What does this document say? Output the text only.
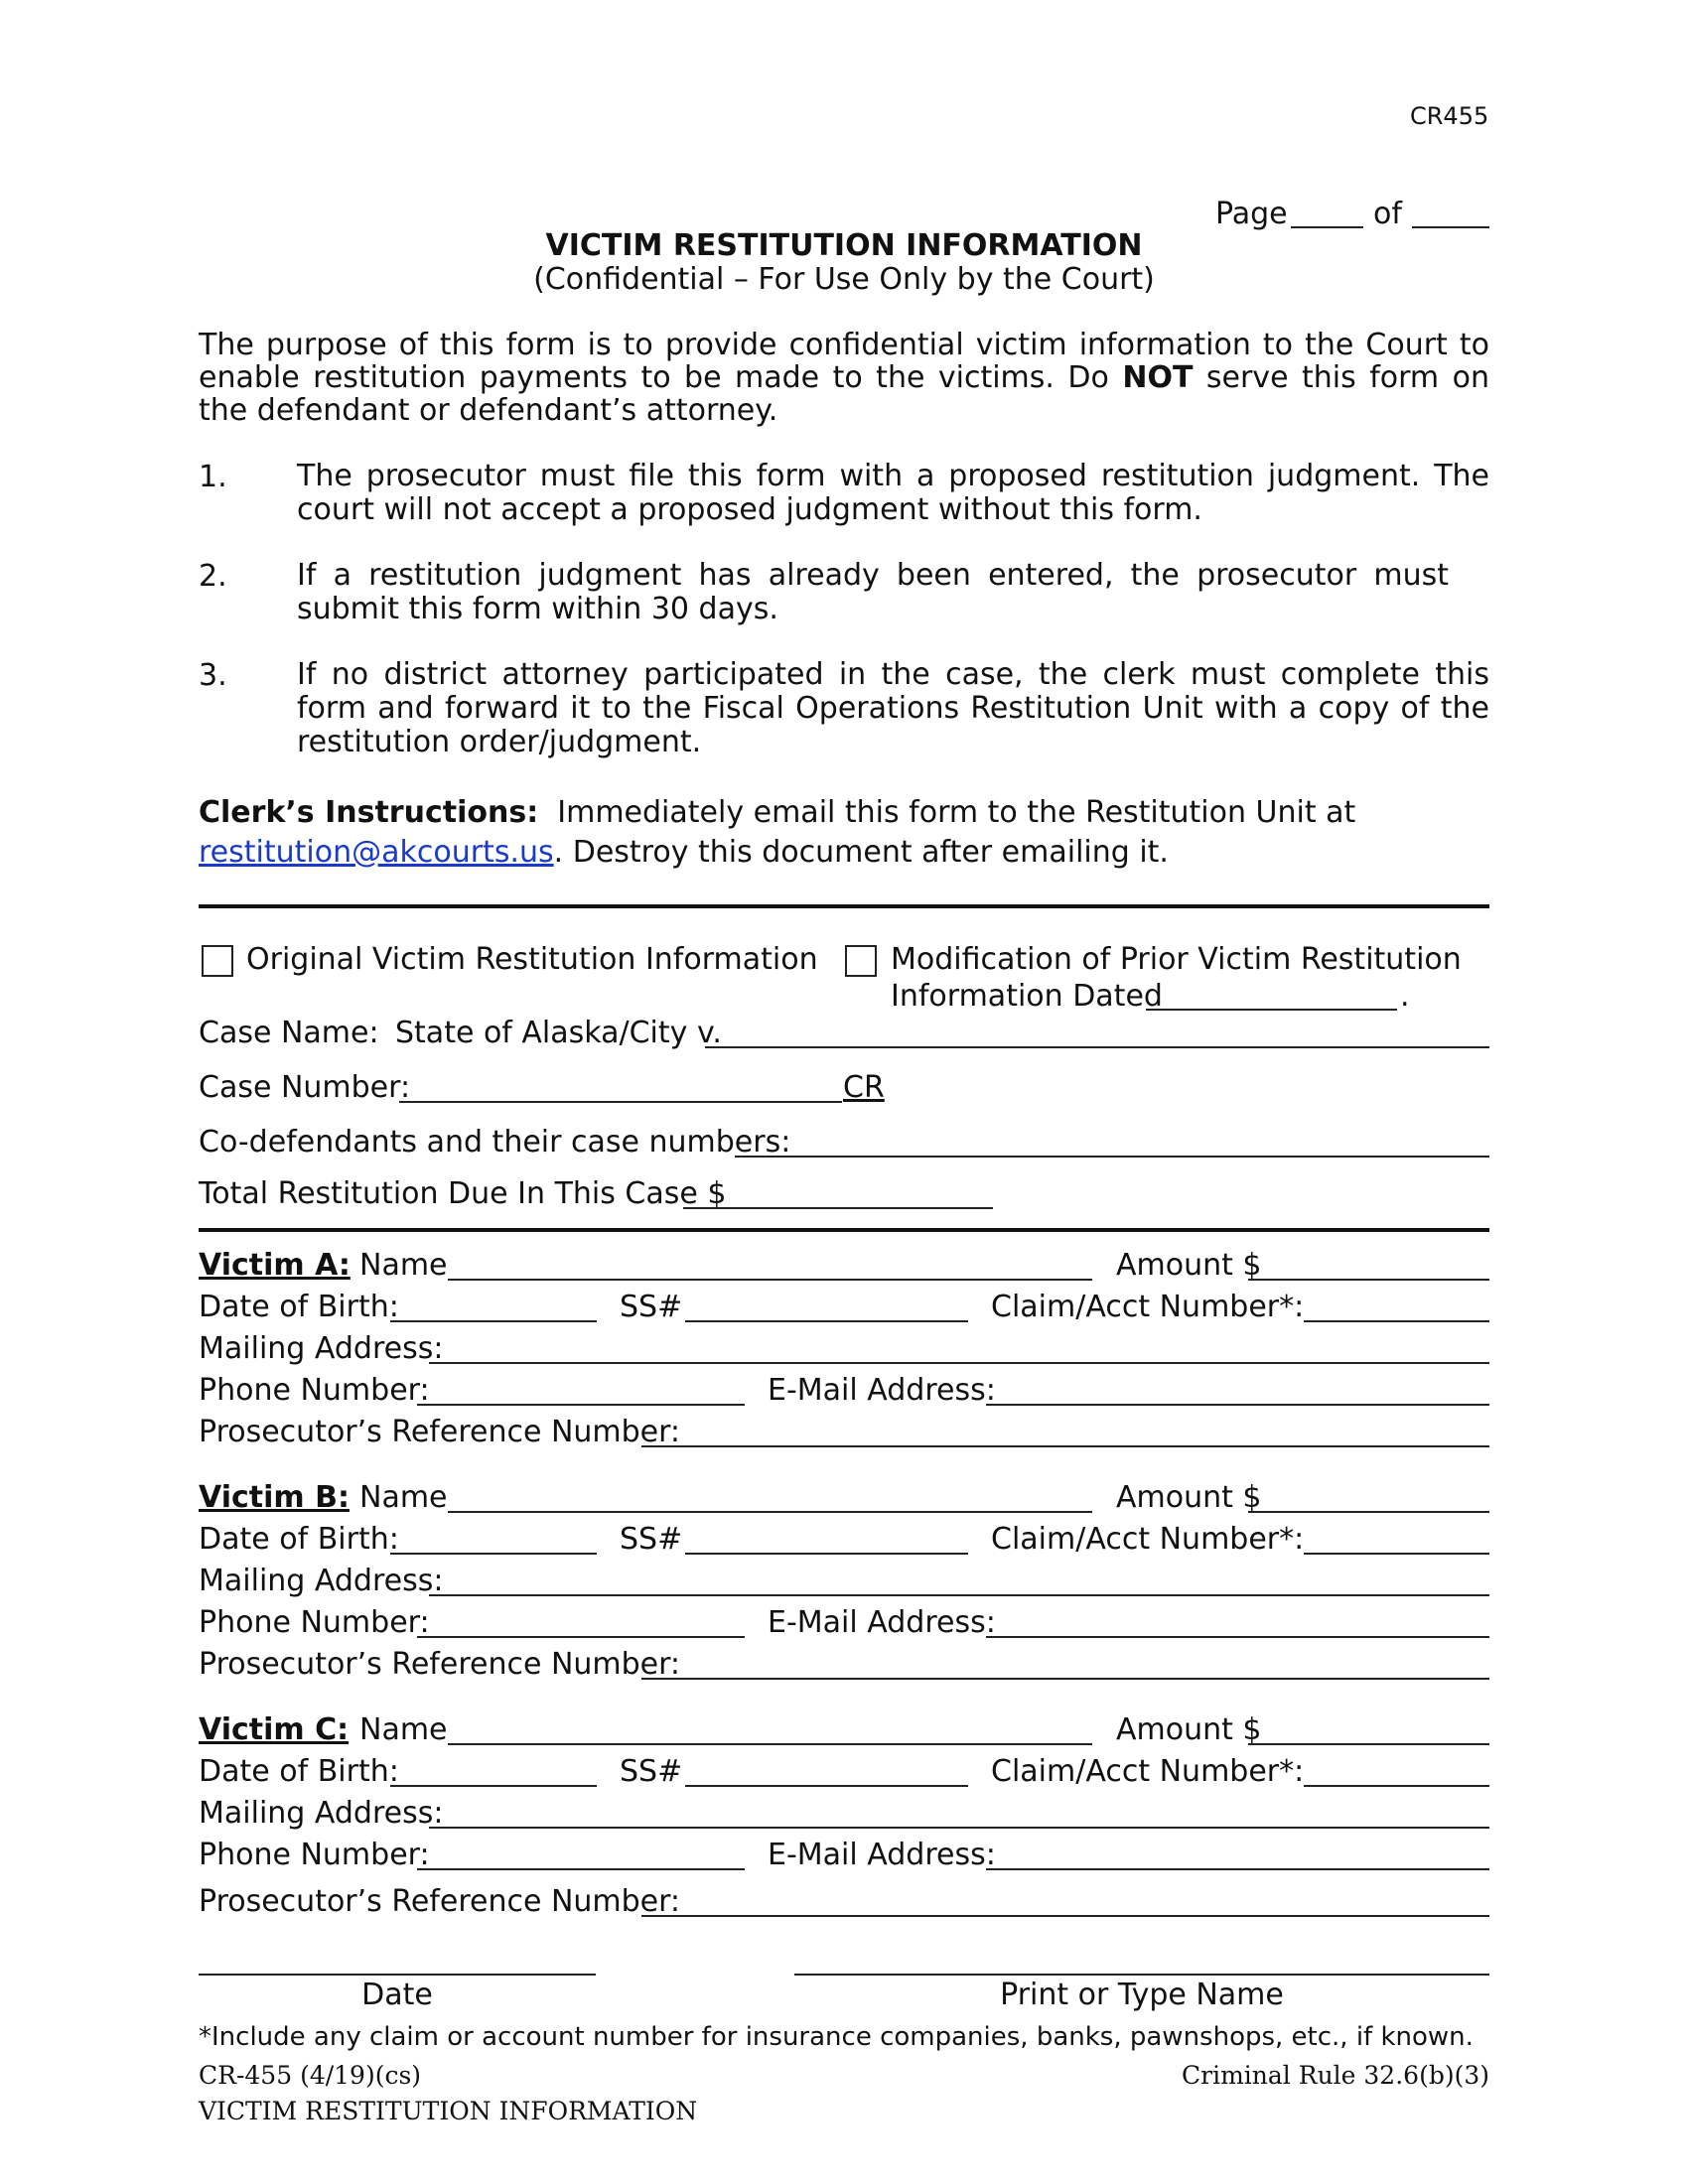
CR455
Page	of
VICTIM RESTITUTION INFORMATION
(Confidential – For Use Only by the Court)
The purpose of this form is to provide confidential victim information to the Court to enable restitution payments to be made to the victims. Do NOT serve this form on the defendant or defendant’s attorney.
1. The prosecutor must file this form with a proposed restitution judgment. The court will not accept a proposed judgment without this form.
2. If a restitution judgment has already been entered, the prosecutor must submit this form within 30 days.
3. If no district attorney participated in the case, the clerk must complete this form and forward it to the Fiscal Operations Restitution Unit with a copy of the restitution order/judgment.
Clerk’s Instructions: Immediately email this form to the Restitution Unit at
restitution@akcourts.us. Destroy this document after emailing it.
Original Victim Restitution Information Modification of Prior Victim Restitution
Information Dated	.
Case Name: State of Alaska/City v.
Case Number:	CR
Co-defendants and their case numbers:
Total Restitution Due In This Case $
Victim A: Name	Amount $
Date of Birth:	SS#	Claim/Acct Number*:
Mailing Address:
Phone Number:	E-Mail Address:
Prosecutor’s Reference Number:
Victim B: Name	Amount $
Date of Birth:	SS#	Claim/Acct Number*:
Mailing Address:
Phone Number:	E-Mail Address:
Prosecutor’s Reference Number:
Victim C: Name	Amount $
Date of Birth:	SS#	Claim/Acct Number*:
Mailing Address:
Phone Number:	E-Mail Address:
Prosecutor’s Reference Number:
Date	Print or Type Name
*Include any claim or account number for insurance companies, banks, pawnshops, etc., if known.
CR-455 (4/19)(cs)	Criminal Rule 32.6(b)(3)
VICTIM RESTITUTION INFORMATION
